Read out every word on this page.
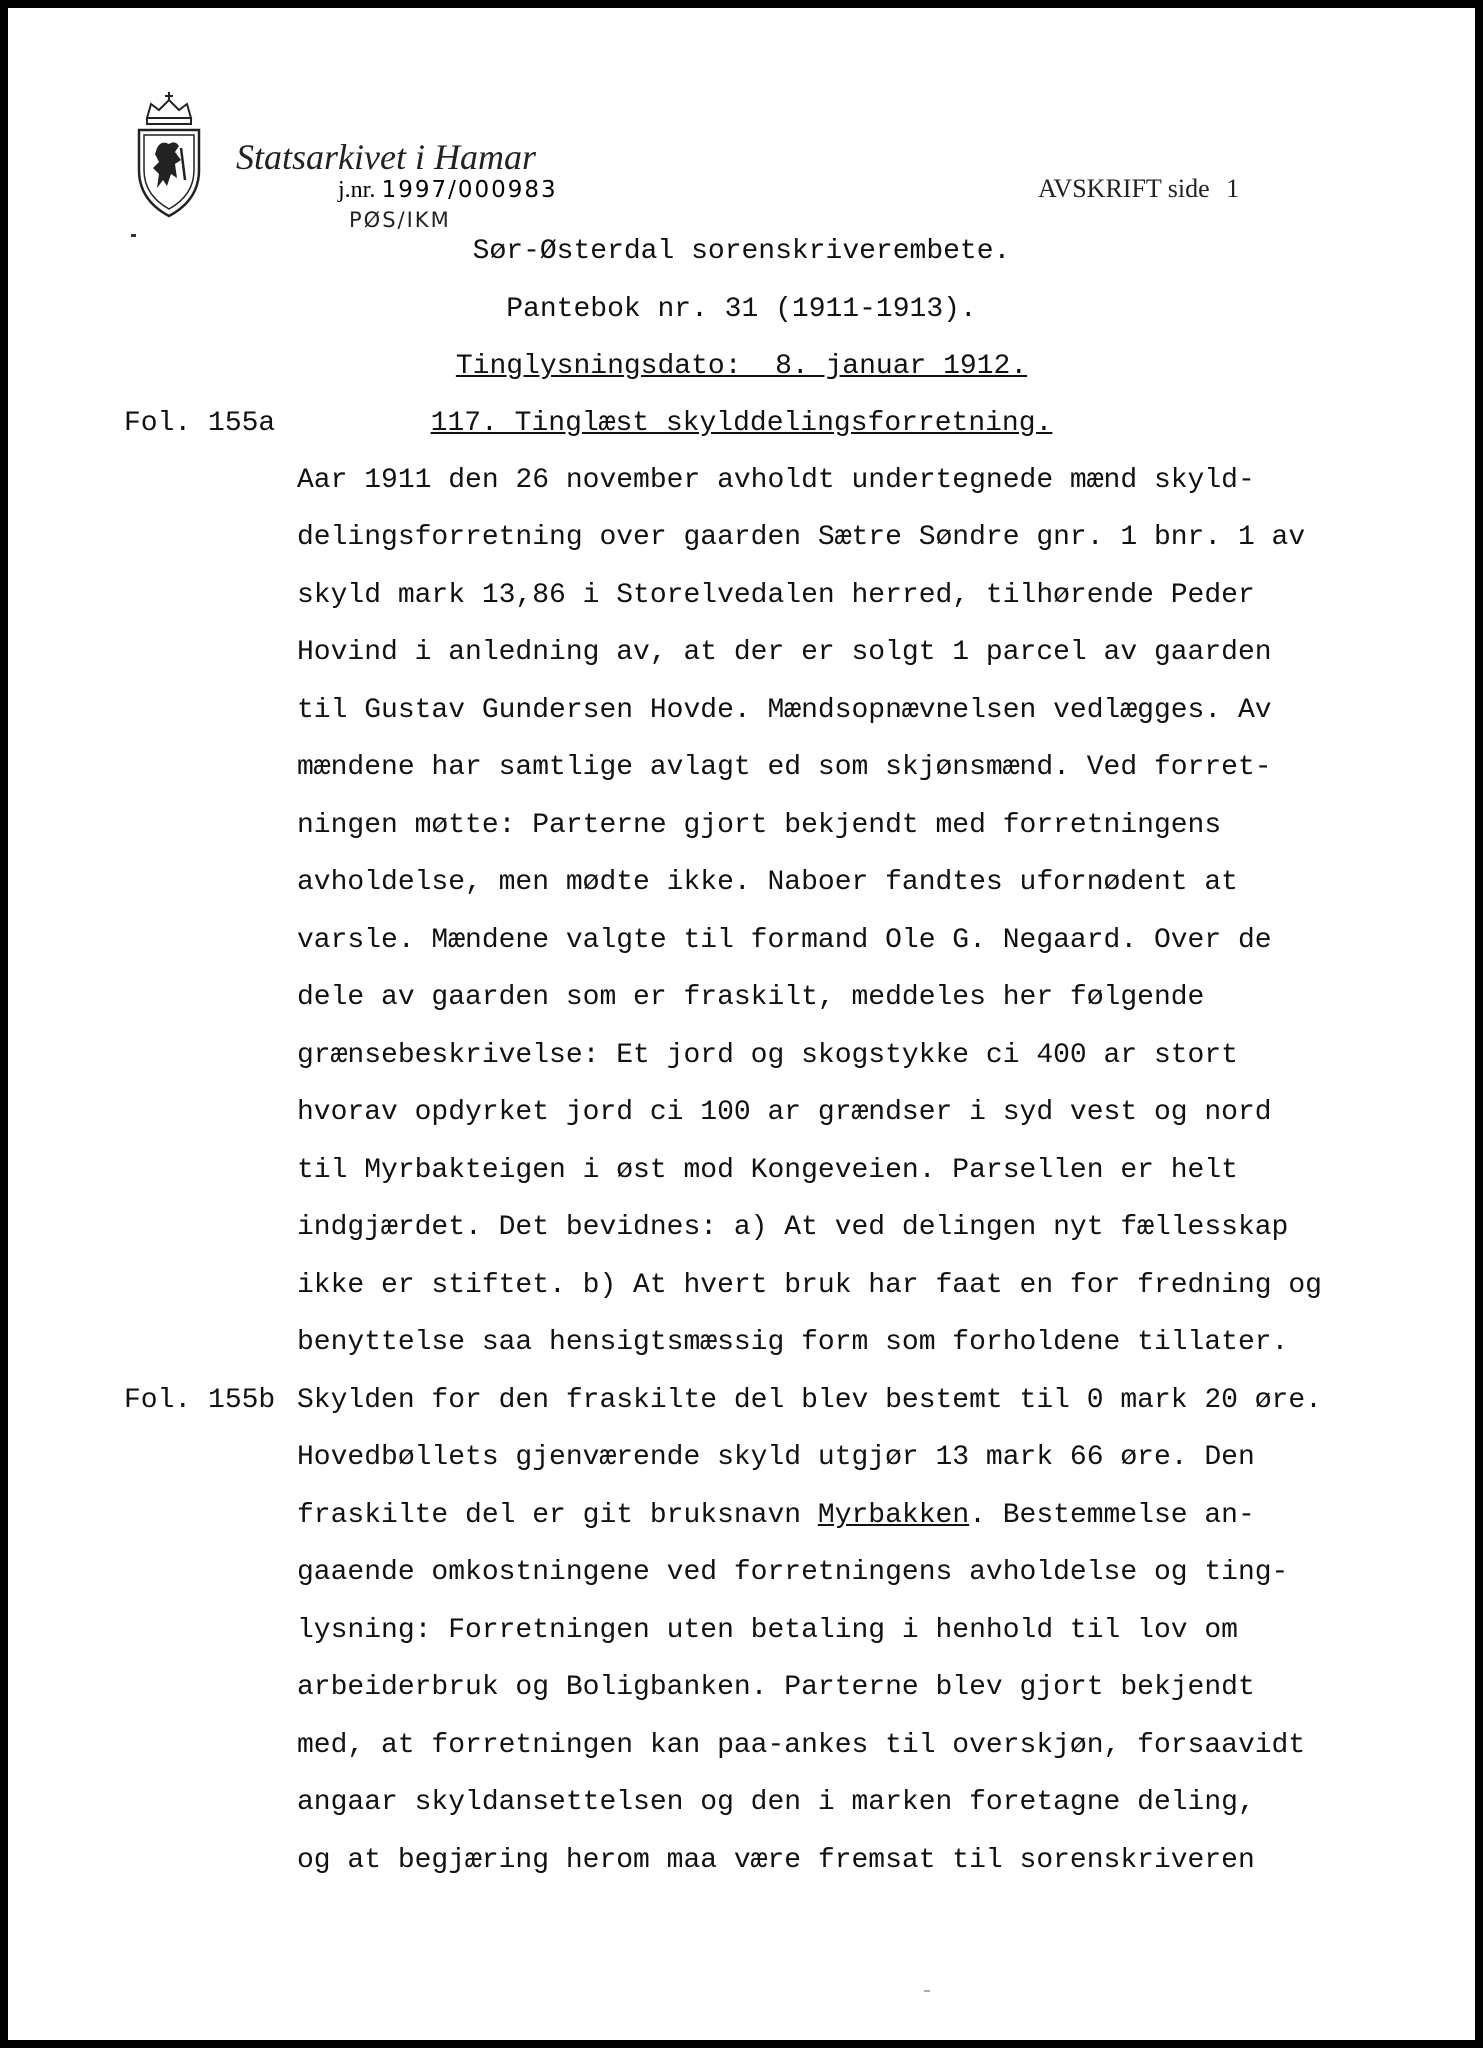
Statsarkivet i Hamar
j.nr. 1997/000983
PØS/IKM
AVSKRIFT side 1
Sør-Østerdal sorenskriverembete.
Pantebok nr. 31 (1911-1913).
Tinglysningsdato:  8. januar 1912.
117. Tinglæst skylddelingsforretning.
Fol. 155a
Fol. 155b
Aar 1911 den 26 november avholdt undertegnede mænd skyld-
delingsforretning over gaarden Sætre Søndre gnr. 1 bnr. 1 av
skyld mark 13,86 i Storelvedalen herred, tilhørende Peder
Hovind i anledning av, at der er solgt 1 parcel av gaarden
til Gustav Gundersen Hovde. Mændsopnævnelsen vedlægges. Av
mændene har samtlige avlagt ed som skjønsmænd. Ved forret-
ningen møtte: Parterne gjort bekjendt med forretningens
avholdelse, men mødte ikke. Naboer fandtes ufornødent at
varsle. Mændene valgte til formand Ole G. Negaard. Over de
dele av gaarden som er fraskilt, meddeles her følgende
grænsebeskrivelse: Et jord og skogstykke ci 400 ar stort
hvorav opdyrket jord ci 100 ar grændser i syd vest og nord
til Myrbakteigen i øst mod Kongeveien. Parsellen er helt
indgjærdet. Det bevidnes: a) At ved delingen nyt fællesskap
ikke er stiftet. b) At hvert bruk har faat en for fredning og
benyttelse saa hensigtsmæssig form som forholdene tillater.
Skylden for den fraskilte del blev bestemt til 0 mark 20 øre.
Hovedbøllets gjenværende skyld utgjør 13 mark 66 øre. Den
fraskilte del er git bruksnavn Myrbakken. Bestemmelse an-
gaaende omkostningene ved forretningens avholdelse og ting-
lysning: Forretningen uten betaling i henhold til lov om
arbeiderbruk og Boligbanken. Parterne blev gjort bekjendt
med, at forretningen kan paa-ankes til overskjøn, forsaavidt
angaar skyldansettelsen og den i marken foretagne deling,
og at begjæring herom maa være fremsat til sorenskriveren
